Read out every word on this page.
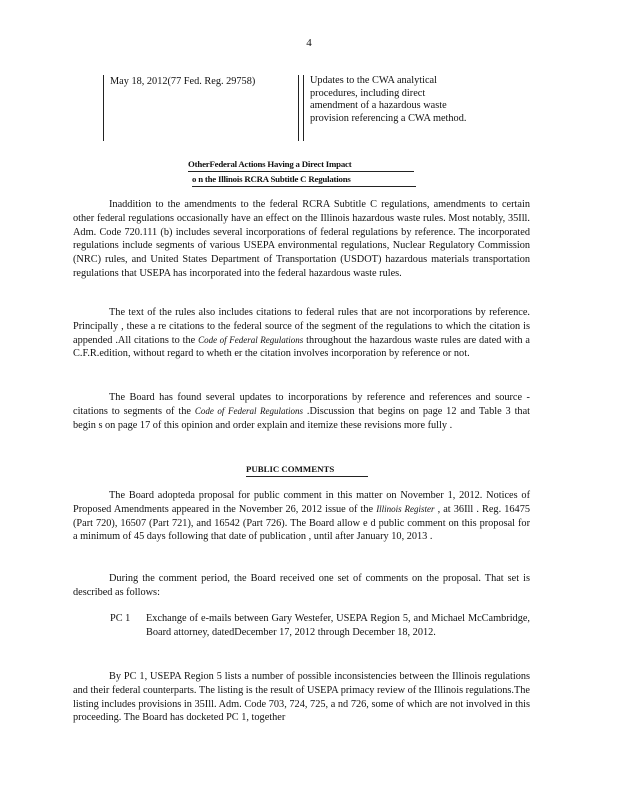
4
May 18, 2012(77 Fed. Reg. 29758)	Updates to the CWA analytical
procedures, including direct
amendment of a hazardous waste
provision referencing a CWA method.
OtherFederal Actions Having a Direct Impact
o n the Illinois RCRA Subtitle C Regulations

Inaddition to the amendments to the federal RCRA Subtitle C regulations, amendments to certain other federal regulations occasionally have an effect on the Illinois hazardous waste rules. Most notably, 35Ill. Adm. Code 720.111 (b) includes several incorporations of federal regulations by reference. The incorporated regulations include segments of various USEPA environmental regulations, Nuclear Regulatory Commission (NRC) rules, and United States Department of Transportation (USDOT) hazardous materials transportation regulations that USEPA has incorporated into the federal hazardous waste rules.

The text of the rules also includes citations to federal rules that are not incorporations by reference. Principally , these a re citations to the federal source of the segment of the regulations to which the citation is appended .All citations to the Code of Federal Regulations throughout the hazardous waste rules are dated with a C.F.R.edition, without regard to wheth er the citation involves incorporation by reference or not.

The Board has found several updates to incorporations by reference and references and source -citations to segments of the Code of Federal Regulations .Discussion that begins on page 12 and Table 3 that begin s on page 17 of this opinion and order explain and itemize these revisions more fully .

PUBLIC COMMENTS

The Board adopteda proposal for public comment in this matter on November 1, 2012. Notices of Proposed Amendments appeared in the November 26, 2012 issue of the Illinois Register , at 36Ill . Reg. 16475 (Part 720), 16507 (Part 721), and 16542 (Part 726). The Board allow e d public comment on this proposal for a minimum of 45 days following that date of publication , until after January 10, 2013 .

During the comment period, the Board received one set of comments on the proposal. That set is described as follows:

PC 1	Exchange of e-mails between Gary Westefer, USEPA Region 5, and Michael McCambridge, Board attorney, datedDecember 17, 2012 through December 18, 2012.

By PC 1, USEPA Region 5 lists a number of possible inconsistencies between the Illinois regulations and their federal counterparts. The listing is the result of USEPA primacy review of the Illinois regulations.The listing includes provisions in 35Ill. Adm. Code 703, 724, 725, a nd 726, some of which are not involved in this proceeding. The Board has docketed PC 1, together
